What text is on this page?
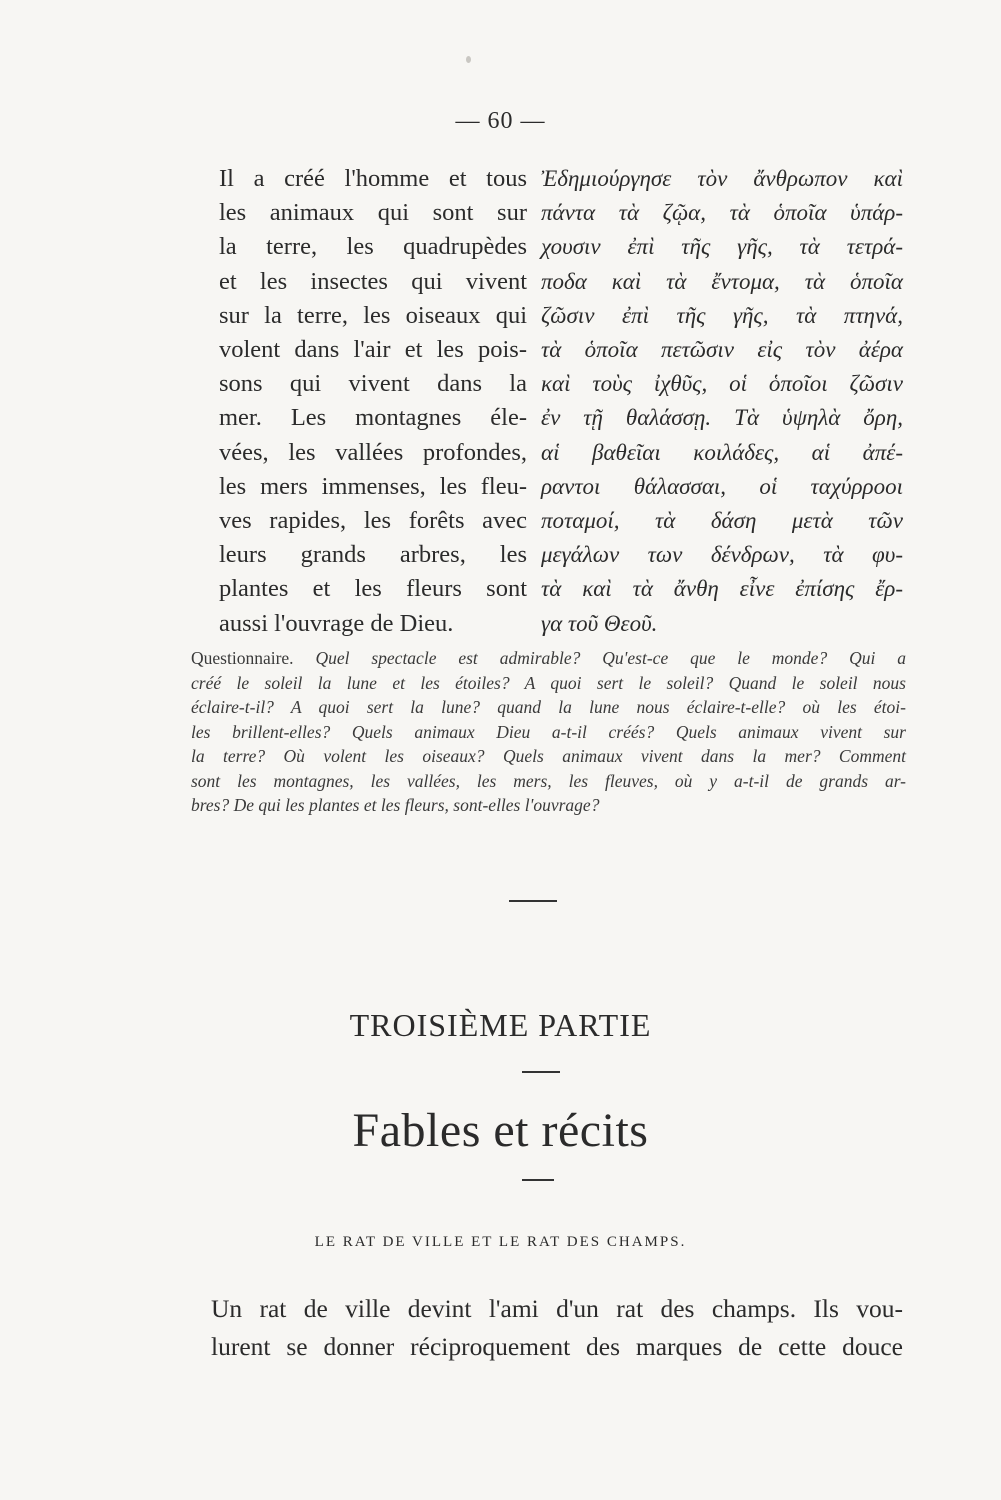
— 60 —
Il a créé l'homme et tous
les animaux qui sont sur
la terre, les quadrupèdes
et les insectes qui vivent
sur la terre, les oiseaux qui
volent dans l'air et les pois-
sons qui vivent dans la
mer. Les montagnes éle-
vées, les vallées profondes,
les mers immenses, les fleu-
ves rapides, les forêts avec
leurs grands arbres, les
plantes et les fleurs sont
aussi l'ouvrage de Dieu.
Ἐδημιούργησε τὸν ἄνθρωπον καὶ
πάντα τὰ ζῷα, τὰ ὁποῖα ὑπάρ-
χουσιν ἐπὶ τῆς γῆς, τὰ τετρά-
ποδα καὶ τὰ ἔντομα, τὰ ὁποῖα
ζῶσιν ἐπὶ τῆς γῆς, τὰ πτηνά,
τὰ ὁποῖα πετῶσιν εἰς τὸν ἀέρα
καὶ τοὺς ἰχθῦς, οἱ ὁποῖοι ζῶσιν
ἐν τῇ θαλάσσῃ. Τὰ ὑψηλὰ ὄρη,
αἱ βαθεῖαι κοιλάδες, αἱ ἀπέ-
ραντοι θάλασσαι, οἱ ταχύρροοι
ποταμοί, τὰ δάση μετὰ τῶν
μεγάλων των δένδρων, τὰ φυ-
τὰ καὶ τὰ ἄνθη εἶνε ἐπίσης ἔρ-
γα τοῦ Θεοῦ.
Questionnaire. Quel spectacle est admirable? Qu'est-ce que le monde? Qui a
créé le soleil la lune et les étoiles? A quoi sert le soleil? Quand le soleil nous
éclaire-t-il? A quoi sert la lune? quand la lune nous éclaire-t-elle? où les étoi-
les brillent-elles? Quels animaux Dieu a-t-il créés? Quels animaux vivent sur
la terre? Où volent les oiseaux? Quels animaux vivent dans la mer? Comment
sont les montagnes, les vallées, les mers, les fleuves, où y a-t-il de grands ar-
bres? De qui les plantes et les fleurs, sont-elles l'ouvrage?
TROISIÈME PARTIE
Fables et récits
LE RAT DE VILLE ET LE RAT DES CHAMPS.
Un rat de ville devint l'ami d'un rat des champs. Ils vou-
lurent se donner réciproquement des marques de cette douce
